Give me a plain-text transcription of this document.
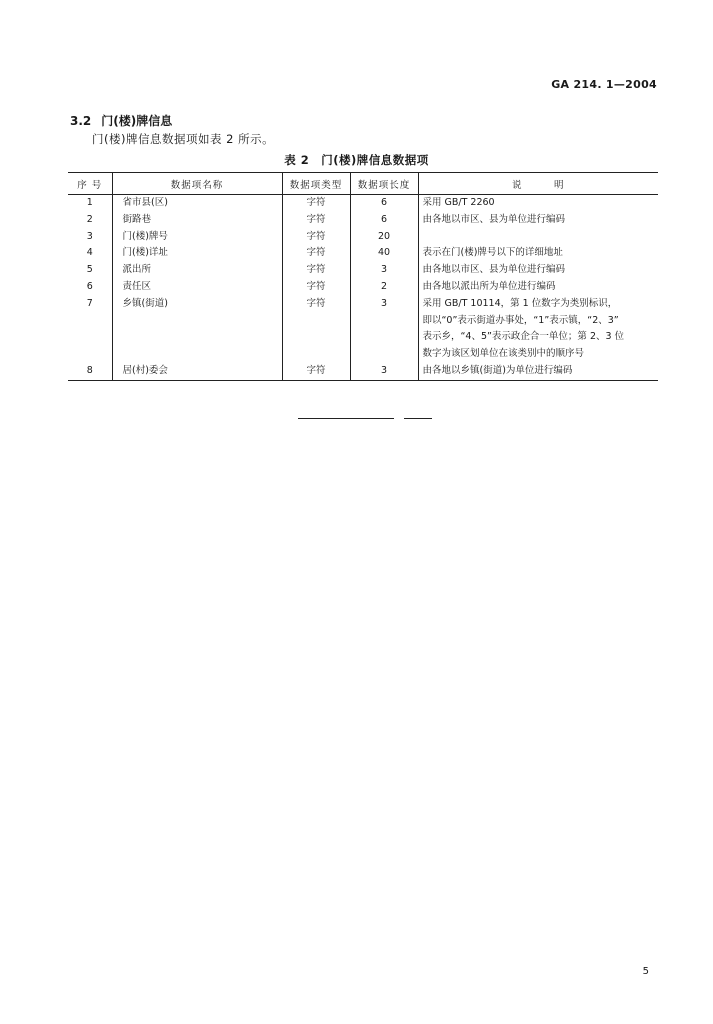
GA 214. 1—2004
3.2 门(楼)牌信息
门(楼)牌信息数据项如表 2 所示。
表 2 门(楼)牌信息数据项
序 号	数据项名称	数据项类型	数据项长度	说　　　明
1	省市县(区)	字符	6	采用 GB/T 2260
2	街路巷	字符	6	由各地以市区、县为单位进行编码
3	门(楼)牌号	字符	20	
4	门(楼)详址	字符	40	表示在门(楼)牌号以下的详细地址
5	派出所	字符	3	由各地以市区、县为单位进行编码
6	责任区	字符	2	由各地以派出所为单位进行编码
7	乡镇(街道)	字符	3	采用 GB/T 10114，第 1 位数字为类别标识，
				即以“0”表示街道办事处，“1”表示镇，“2、3”
				表示乡，“4、5”表示政企合一单位；第 2、3 位
				数字为该区划单位在该类别中的顺序号
8	居(村)委会	字符	3	由各地以乡镇(街道)为单位进行编码
5
